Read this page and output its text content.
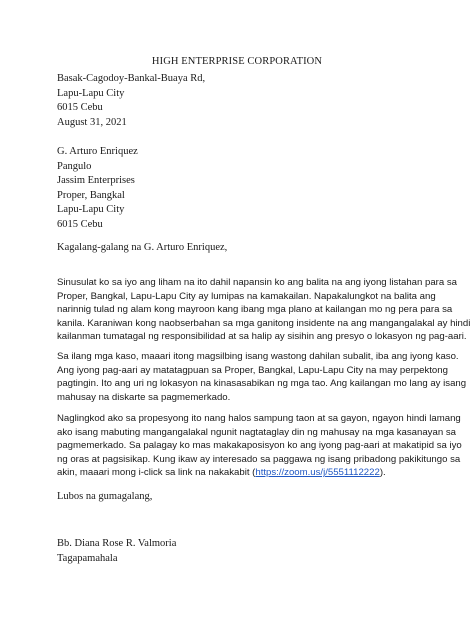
HIGH ENTERPRISE CORPORATION
Basak-Cagodoy-Bankal-Buaya Rd,
Lapu-Lapu City
6015 Cebu
August 31, 2021
G. Arturo Enriquez
Pangulo
Jassim Enterprises
Proper, Bangkal
Lapu-Lapu City
6015 Cebu
Kagalang-galang na G. Arturo Enriquez,
Sinusulat ko sa iyo ang liham na ito dahil napansin ko ang balita na ang iyong listahan para sa
Proper, Bangkal, Lapu-Lapu City ay lumipas na kamakailan. Napakalungkot na balita ang
narinnig tulad ng alam kong mayroon kang ibang mga plano at kailangan mo ng pera para sa
kanila. Karaniwan kong naobserbahan sa mga ganitong insidente na ang mangangalakal ay hindi
kailanman tumatagal ng responsibilidad at sa halip ay sisihin ang presyo o lokasyon ng pag-aari.
Sa ilang mga kaso, maaari itong magsilbing isang wastong dahilan subalit, iba ang iyong kaso.
Ang iyong pag-aari ay matatagpuan sa Proper, Bangkal, Lapu-Lapu City na may perpektong
pagtingin. Ito ang uri ng lokasyon na kinasasabikan ng mga tao. Ang kailangan mo lang ay isang
mahusay na diskarte sa pagmemerkado.
Naglingkod ako sa propesyong ito nang halos sampung taon at sa gayon, ngayon hindi lamang
ako isang mabuting mangangalakal ngunit nagtataglay din ng mahusay na mga kasanayan sa
pagmemerkado. Sa palagay ko mas makakaposisyon ko ang iyong pag-aari at makatipid sa iyo
ng oras at pagsisikap. Kung ikaw ay interesado sa paggawa ng isang pribadong pakikitungo sa
akin, maaari mong i-click sa link na nakakabit (https://zoom.us/j/5551112222).
Lubos na gumagalang,
Bb. Diana Rose R. Valmoria
Tagapamahala
